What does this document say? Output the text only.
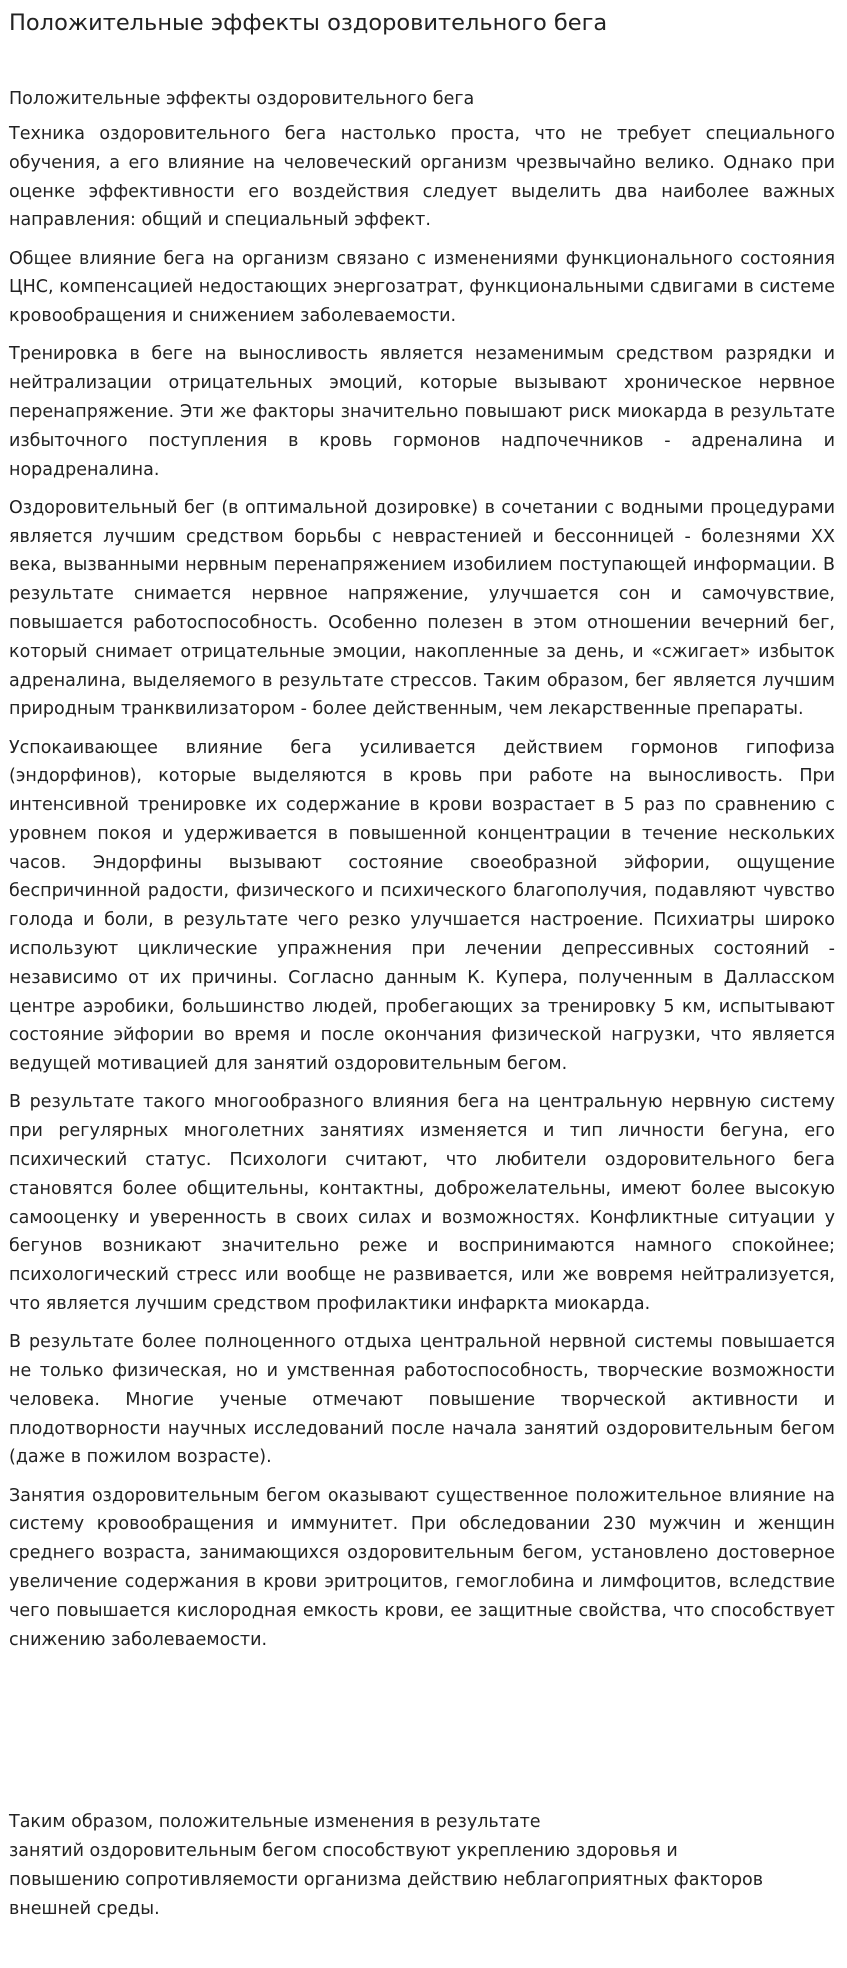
Положительные эффекты оздоровительного бега
Положительные эффекты оздоровительного бега

Техника оздоровительного бега настолько проста, что не требует специального обучения, а его влияние на человеческий организм чрезвычайно велико. Однако при оценке эффективности его воздействия следует выделить два наиболее важных направления: общий и специальный эффект.

Общее влияние бега на организм связано с изменениями функционального состояния ЦНС, компенсацией недостающих энергозатрат, функциональными сдвигами в системе кровообращения и снижением заболеваемости.

Тренировка в беге на выносливость является незаменимым средством разрядки и нейтрализации отрицательных эмоций, которые вызывают хроническое нервное перенапряжение. Эти же факторы значительно повышают риск миокарда в результате избыточного поступления в кровь гормонов надпочечников - адреналина и норадреналина.

Оздоровительный бег (в оптимальной дозировке) в сочетании с водными процедурами является лучшим средством борьбы с неврастенией и бессонницей - болезнями XX века, вызванными нервным перенапряжением изобилием поступающей информации. В результате снимается нервное напряжение, улучшается сон и самочувствие, повышается работоспособность. Особенно полезен в этом отношении вечерний бег, который снимает отрицательные эмоции, накопленные за день, и «сжигает» избыток адреналина, выделяемого в результате стрессов. Таким образом, бег является лучшим природным транквилизатором - более действенным, чем лекарственные препараты.

Успокаивающее влияние бега усиливается действием гормонов гипофиза (эндорфинов), которые выделяются в кровь при работе на выносливость. При интенсивной тренировке их содержание в крови возрастает в 5 раз по сравнению с уровнем покоя и удерживается в повышенной концентрации в течение нескольких часов. Эндорфины вызывают состояние своеобразной эйфории, ощущение беспричинной радости, физического и психического благополучия, подавляют чувство голода и боли, в результате чего резко улучшается настроение. Психиатры широко используют циклические упражнения при лечении депрессивных состояний - независимо от их причины. Согласно данным К. Купера, полученным в Далласском центре аэробики, большинство людей, пробегающих за тренировку 5 км, испытывают состояние эйфории во время и после окончания физической нагрузки, что является ведущей мотивацией для занятий оздоровительным бегом.

В результате такого многообразного влияния бега на центральную нервную систему при регулярных многолетних занятиях изменяется и тип личности бегуна, его психический статус. Психологи считают, что любители оздоровительного бега становятся более общительны, контактны, доброжелательны, имеют более высокую самооценку и уверенность в своих силах и возможностях. Конфликтные ситуации у бегунов возникают значительно реже и воспринимаются намного спокойнее; психологический стресс или вообще не развивается, или же вовремя нейтрализуется, что является лучшим средством профилактики инфаркта миокарда.

В результате более полноценного отдыха центральной нервной системы повышается не только физическая, но и умственная работоспособность, творческие возможности человека. Многие ученые отмечают повышение творческой активности и плодотворности научных исследований после начала занятий оздоровительным бегом (даже в пожилом возрасте).

Занятия оздоровительным бегом оказывают существенное положительное влияние на систему кровообращения и иммунитет. При обследовании 230 мужчин и женщин среднего возраста, занимающихся оздоровительным бегом, установлено достоверное увеличение содержания в крови эритроцитов, гемоглобина и лимфоцитов, вследствие чего повышается кислородная емкость крови, ее защитные свойства, что способствует снижению заболеваемости.

Таким образом, положительные изменения в результате
занятий оздоровительным бегом способствуют укреплению здоровья и
повышению сопротивляемости организма действию неблагоприятных факторов
внешней среды.
